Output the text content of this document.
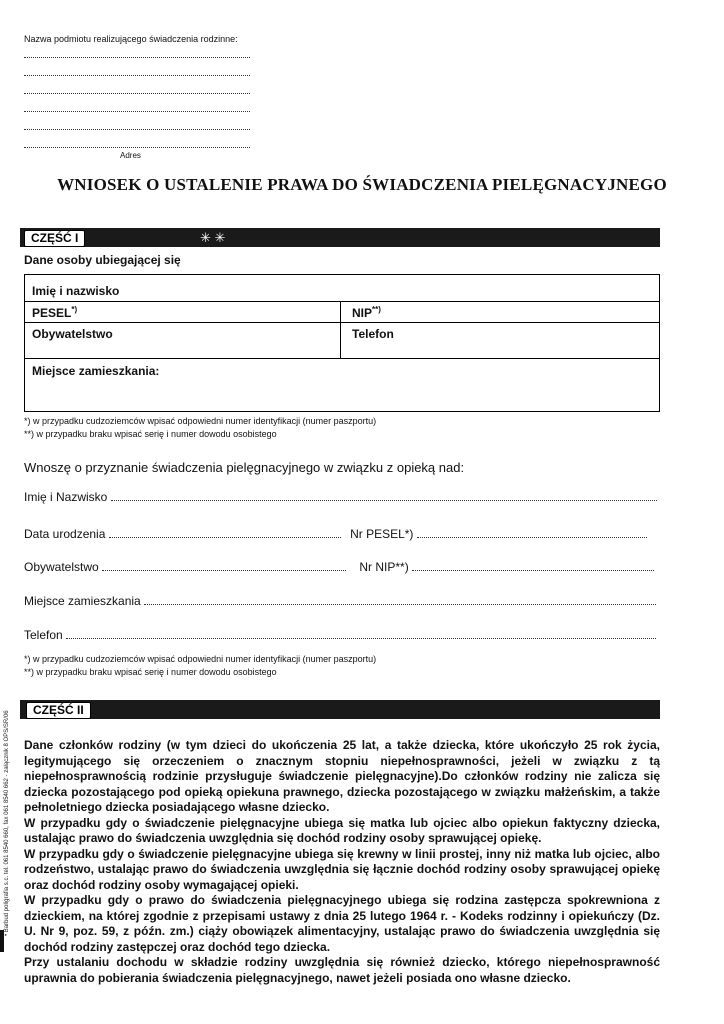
Nazwa podmiotu realizującego świadczenia rodzinne:
Adres
WNIOSEK O USTALENIE PRAWA DO ŚWIADCZENIA PIELĘGNACYJNEGO
CZĘŚĆ I	✳ ✳
Dane osoby ubiegającej się
Imię i nazwisko
PESEL*)	NIP**)
Obywatelstwo	Telefon
Miejsce zamieszkania:
*) w przypadku cudzoziemców wpisać odpowiedni numer identyfikacji (numer paszportu)
**) w przypadku braku wpisać serię i numer dowodu osobistego
Wnoszę o przyznanie świadczenia pielęgnacyjnego w związku z opieką nad:
Imię i Nazwisko
Data urodzenia	Nr PESEL*)
Obywatelstwo	Nr NIP**)
Miejsce zamieszkania
Telefon
*) w przypadku cudzoziemców wpisać odpowiedni numer identyfikacji (numer paszportu)
**) w przypadku braku wpisać serię i numer dowodu osobistego
CZĘŚĆ II

Dane członków rodziny (w tym dzieci do ukończenia 25 lat, a także dziecka, które ukończyło 25 rok życia, legitymującego się orzeczeniem o znacznym stopniu niepełnosprawności, jeżeli w związku z tą niepełnosprawnością rodzinie przysługuje świadczenie pielęgnacyjne).Do członków rodziny nie zalicza się dziecka pozostającego pod opieką opiekuna prawnego, dziecka pozostającego w związku małżeńskim, a także pełnoletniego dziecka posiadającego własne dziecko.

W przypadku gdy o świadczenie pielęgnacyjne ubiega się matka lub ojciec albo opiekun faktyczny dziecka, ustalając prawo do świadczenia uwzględnia się dochód rodziny osoby sprawującej opiekę.

W przypadku gdy o świadczenie pielęgnacyjne ubiega się krewny w linii prostej, inny niż matka lub ojciec, albo rodzeństwo, ustalając prawo do świadczenia uwzględnia się łącznie dochód rodziny osoby sprawującej opiekę oraz dochód rodziny osoby wymagającej opieki.

W przypadku gdy o prawo do świadczenia pielęgnacyjnego ubiega się rodzina zastępcza spokrewniona z dzieckiem, na której zgodnie z przepisami ustawy z dnia 25 lutego 1964 r. - Kodeks rodzinny i opiekuńczy (Dz. U. Nr 9, poz. 59, z późn. zm.) ciąży obowiązek alimentacyjny, ustalając prawo do świadczenia uwzględnia się dochód rodziny zastępczej oraz dochód tego dziecka.

Przy ustalaniu dochodu w składzie rodziny uwzględnia się również dziecko, którego niepełnosprawność uprawnia do pobierania świadczenia pielęgnacyjnego, nawet jeżeli posiada ono własne dziecko.

• Barbud poligrafia s.c. tel. 061 8540 660, fax 061 8540 662 - załącznik 8 OPS/SR/06
